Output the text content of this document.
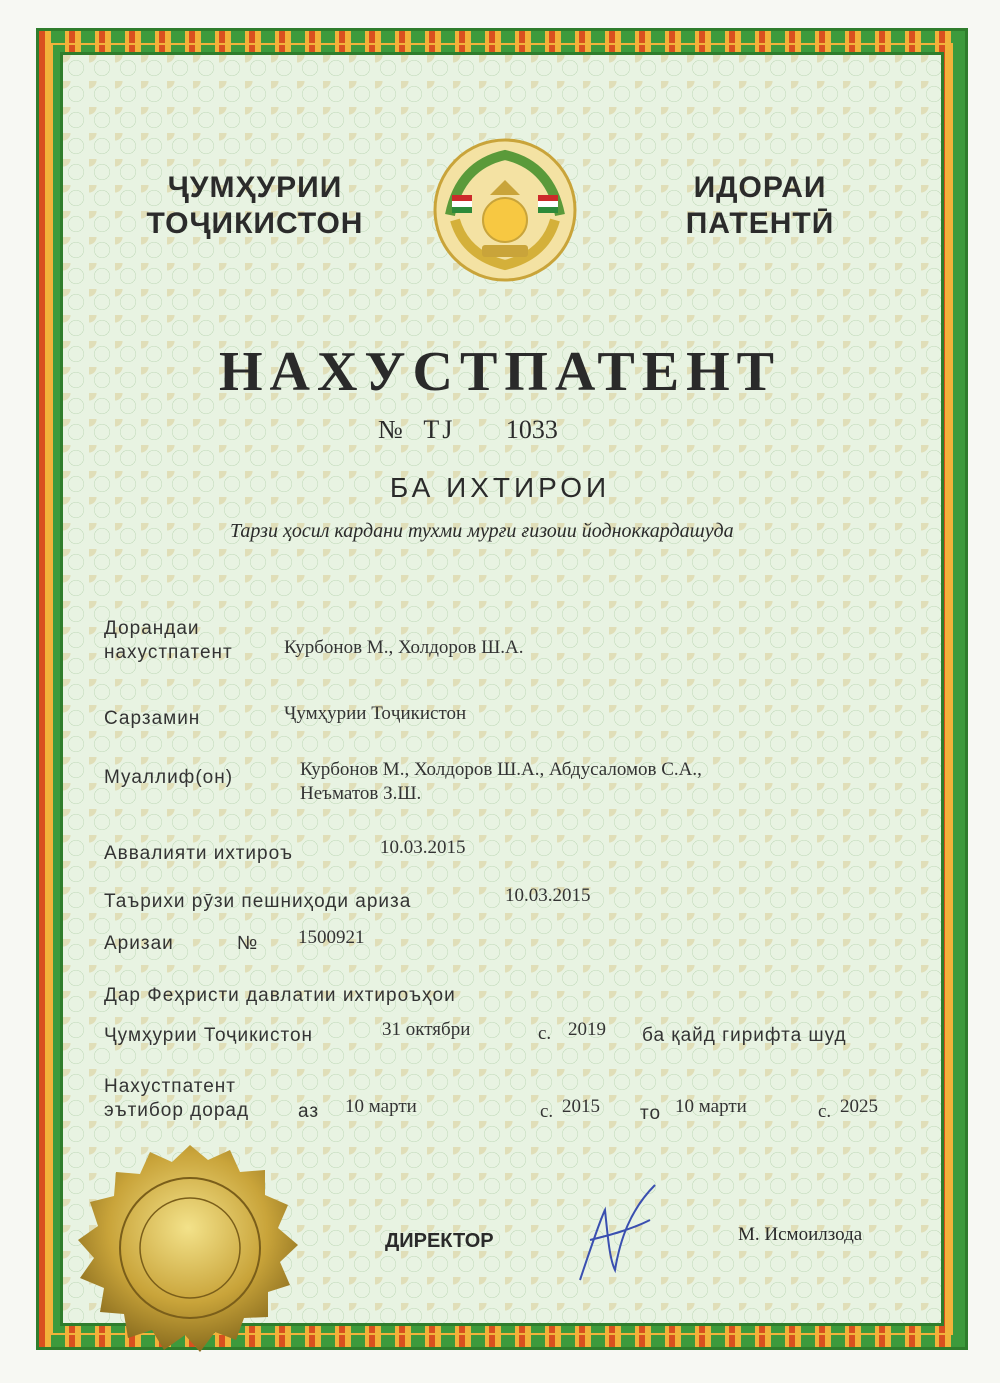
ҶУМҲУРИИ
ТОҶИКИСТОН
ИДОРАИ
ПАТЕНТӢ
НАХУСТПАТЕНТ
№ TJ 1033
БА ИХТИРОИ
Тарзи ҳосил кардани тухми мурғи ғизоии йодноккардашуда
Дорандаи
нахустпатент	Курбонов М., Холдоров Ш.А.
Сарзамин	Ҷумҳурии Тоҷикистон
Муаллиф(он)	Курбонов М., Холдоров Ш.А., Абдусаломов С.А.,
Неъматов З.Ш.
Аввалияти ихтироъ	10.03.2015
Таърихи рӯзи пешниҳоди ариза	10.03.2015
Аризаи	№ 1500921
Дар Феҳристи давлатии ихтироъҳои
Ҷумҳурии Тоҷикистон	31 октябри	с. 2019 ба қайд гирифта шуд
Нахустпатент
эътибор дорад	аз 10 марти	с. 2015 то 10 марти	с. 2025
ДИРЕКТОР	М. Исмоилзода
